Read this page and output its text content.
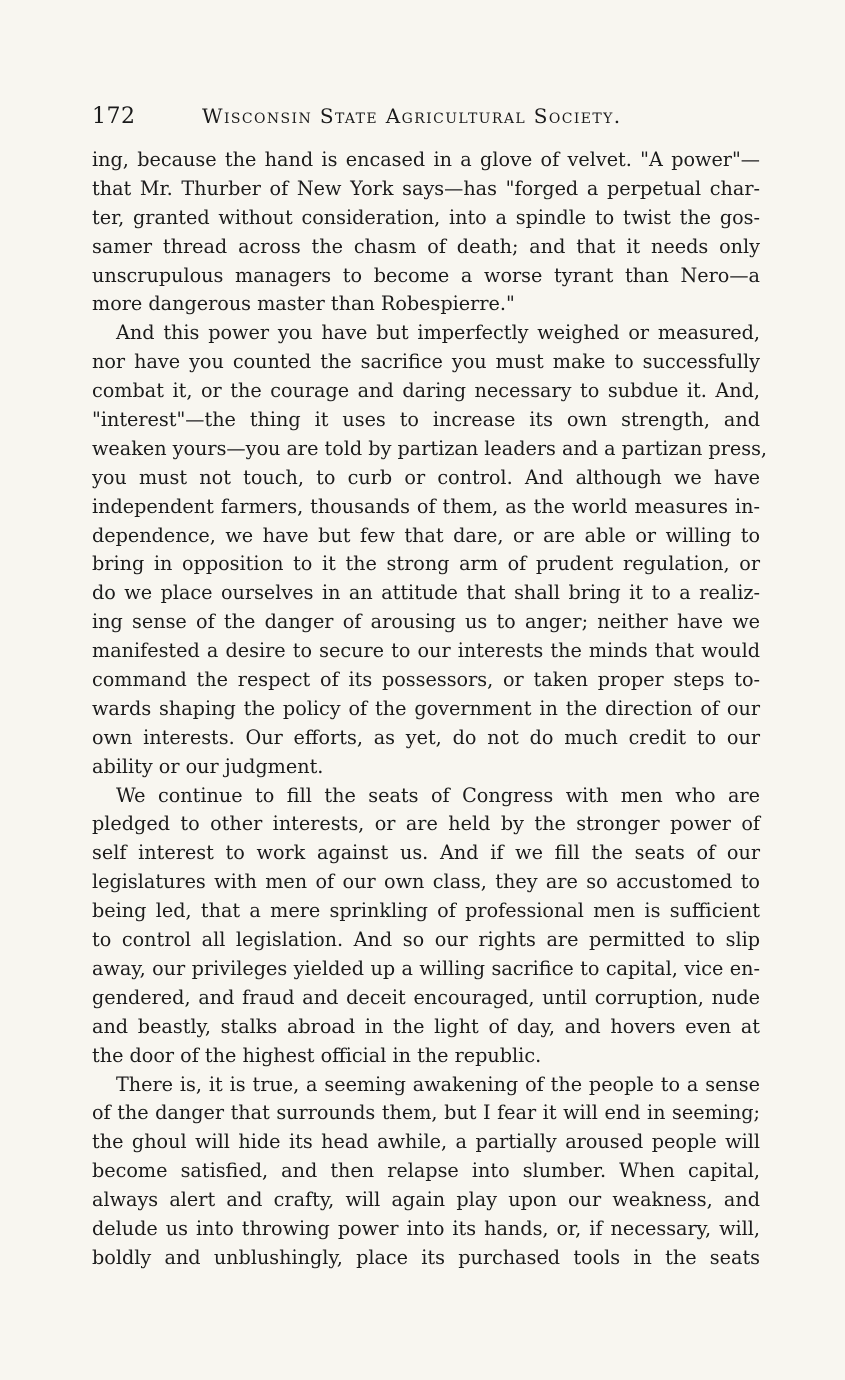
172	Wisconsin State Agricultural Society.
ing, because the hand is encased in a glove of velvet. "A power"—
that Mr. Thurber of New York says—has "forged a perpetual char-
ter, granted without consideration, into a spindle to twist the gos-
samer thread across the chasm of death; and that it needs only
unscrupulous managers to become a worse tyrant than Nero—a
more dangerous master than Robespierre."
And this power you have but imperfectly weighed or measured,
nor have you counted the sacrifice you must make to successfully
combat it, or the courage and daring necessary to subdue it. And,
"interest"—the thing it uses to increase its own strength, and
weaken yours—you are told by partizan leaders and a partizan press,
you must not touch, to curb or control. And although we have
independent farmers, thousands of them, as the world measures in-
dependence, we have but few that dare, or are able or willing to
bring in opposition to it the strong arm of prudent regulation, or
do we place ourselves in an attitude that shall bring it to a realiz-
ing sense of the danger of arousing us to anger; neither have we
manifested a desire to secure to our interests the minds that would
command the respect of its possessors, or taken proper steps to-
wards shaping the policy of the government in the direction of our
own interests. Our efforts, as yet, do not do much credit to our
ability or our judgment.
We continue to fill the seats of Congress with men who are
pledged to other interests, or are held by the stronger power of
self interest to work against us. And if we fill the seats of our
legislatures with men of our own class, they are so accustomed to
being led, that a mere sprinkling of professional men is sufficient
to control all legislation. And so our rights are permitted to slip
away, our privileges yielded up a willing sacrifice to capital, vice en-
gendered, and fraud and deceit encouraged, until corruption, nude
and beastly, stalks abroad in the light of day, and hovers even at
the door of the highest official in the republic.
There is, it is true, a seeming awakening of the people to a sense
of the danger that surrounds them, but I fear it will end in seeming;
the ghoul will hide its head awhile, a partially aroused people will
become satisfied, and then relapse into slumber. When capital,
always alert and crafty, will again play upon our weakness, and
delude us into throwing power into its hands, or, if necessary, will,
boldly and unblushingly, place its purchased tools in the seats
